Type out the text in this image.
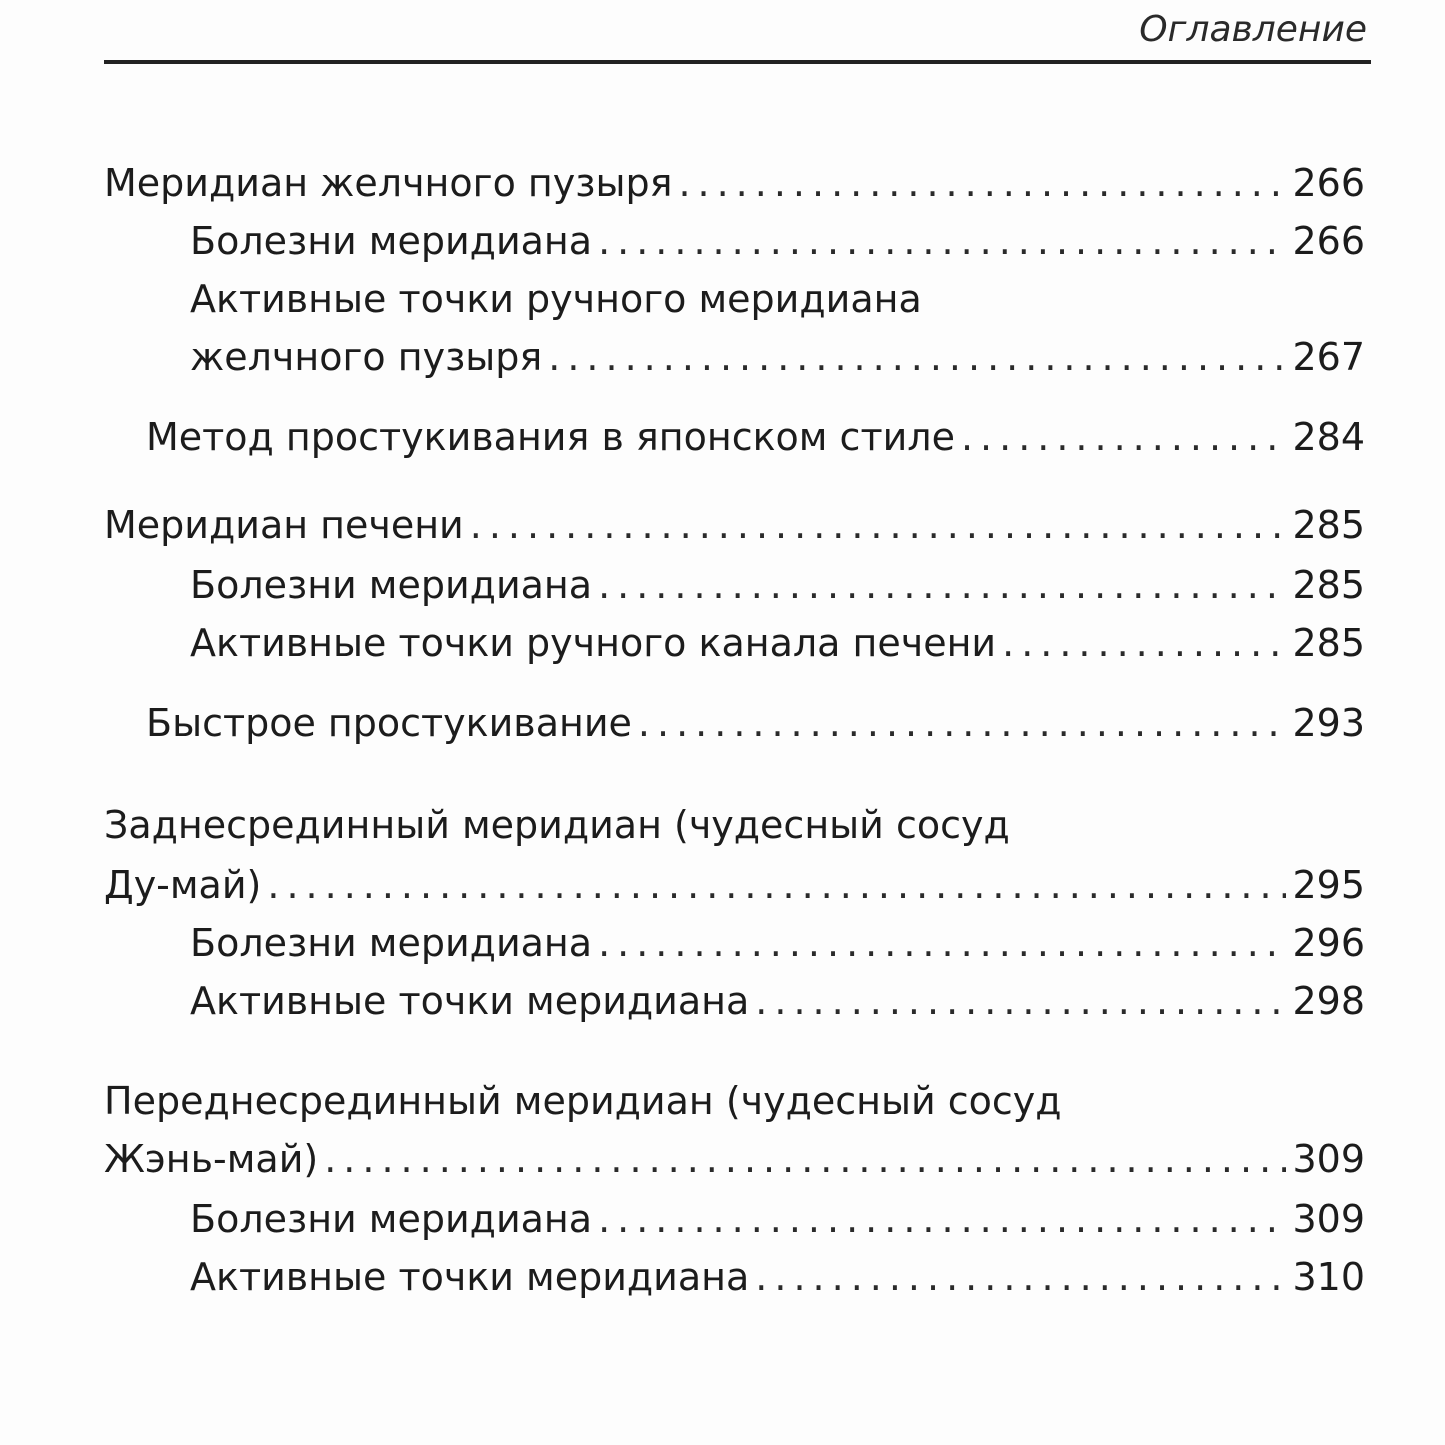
Оглавление
Меридиан желчного пузыря .....	266
Болезни меридиана .....	266
Активные точки ручного меридиана
желчного пузыря .....	267
Метод простукивания в японском стиле .....	284
Меридиан печени .....	285
Болезни меридиана .....	285
Активные точки ручного канала печени .....	285
Быстрое простукивание .....	293
Заднесрединный меридиан (чудесный сосуд
Ду-май) .....	295
Болезни меридиана .....	296
Активные точки меридиана .....	298
Переднесрединный меридиан (чудесный сосуд
Жэнь-май) .....	309
Болезни меридиана .....	309
Активные точки меридиана .....	310
